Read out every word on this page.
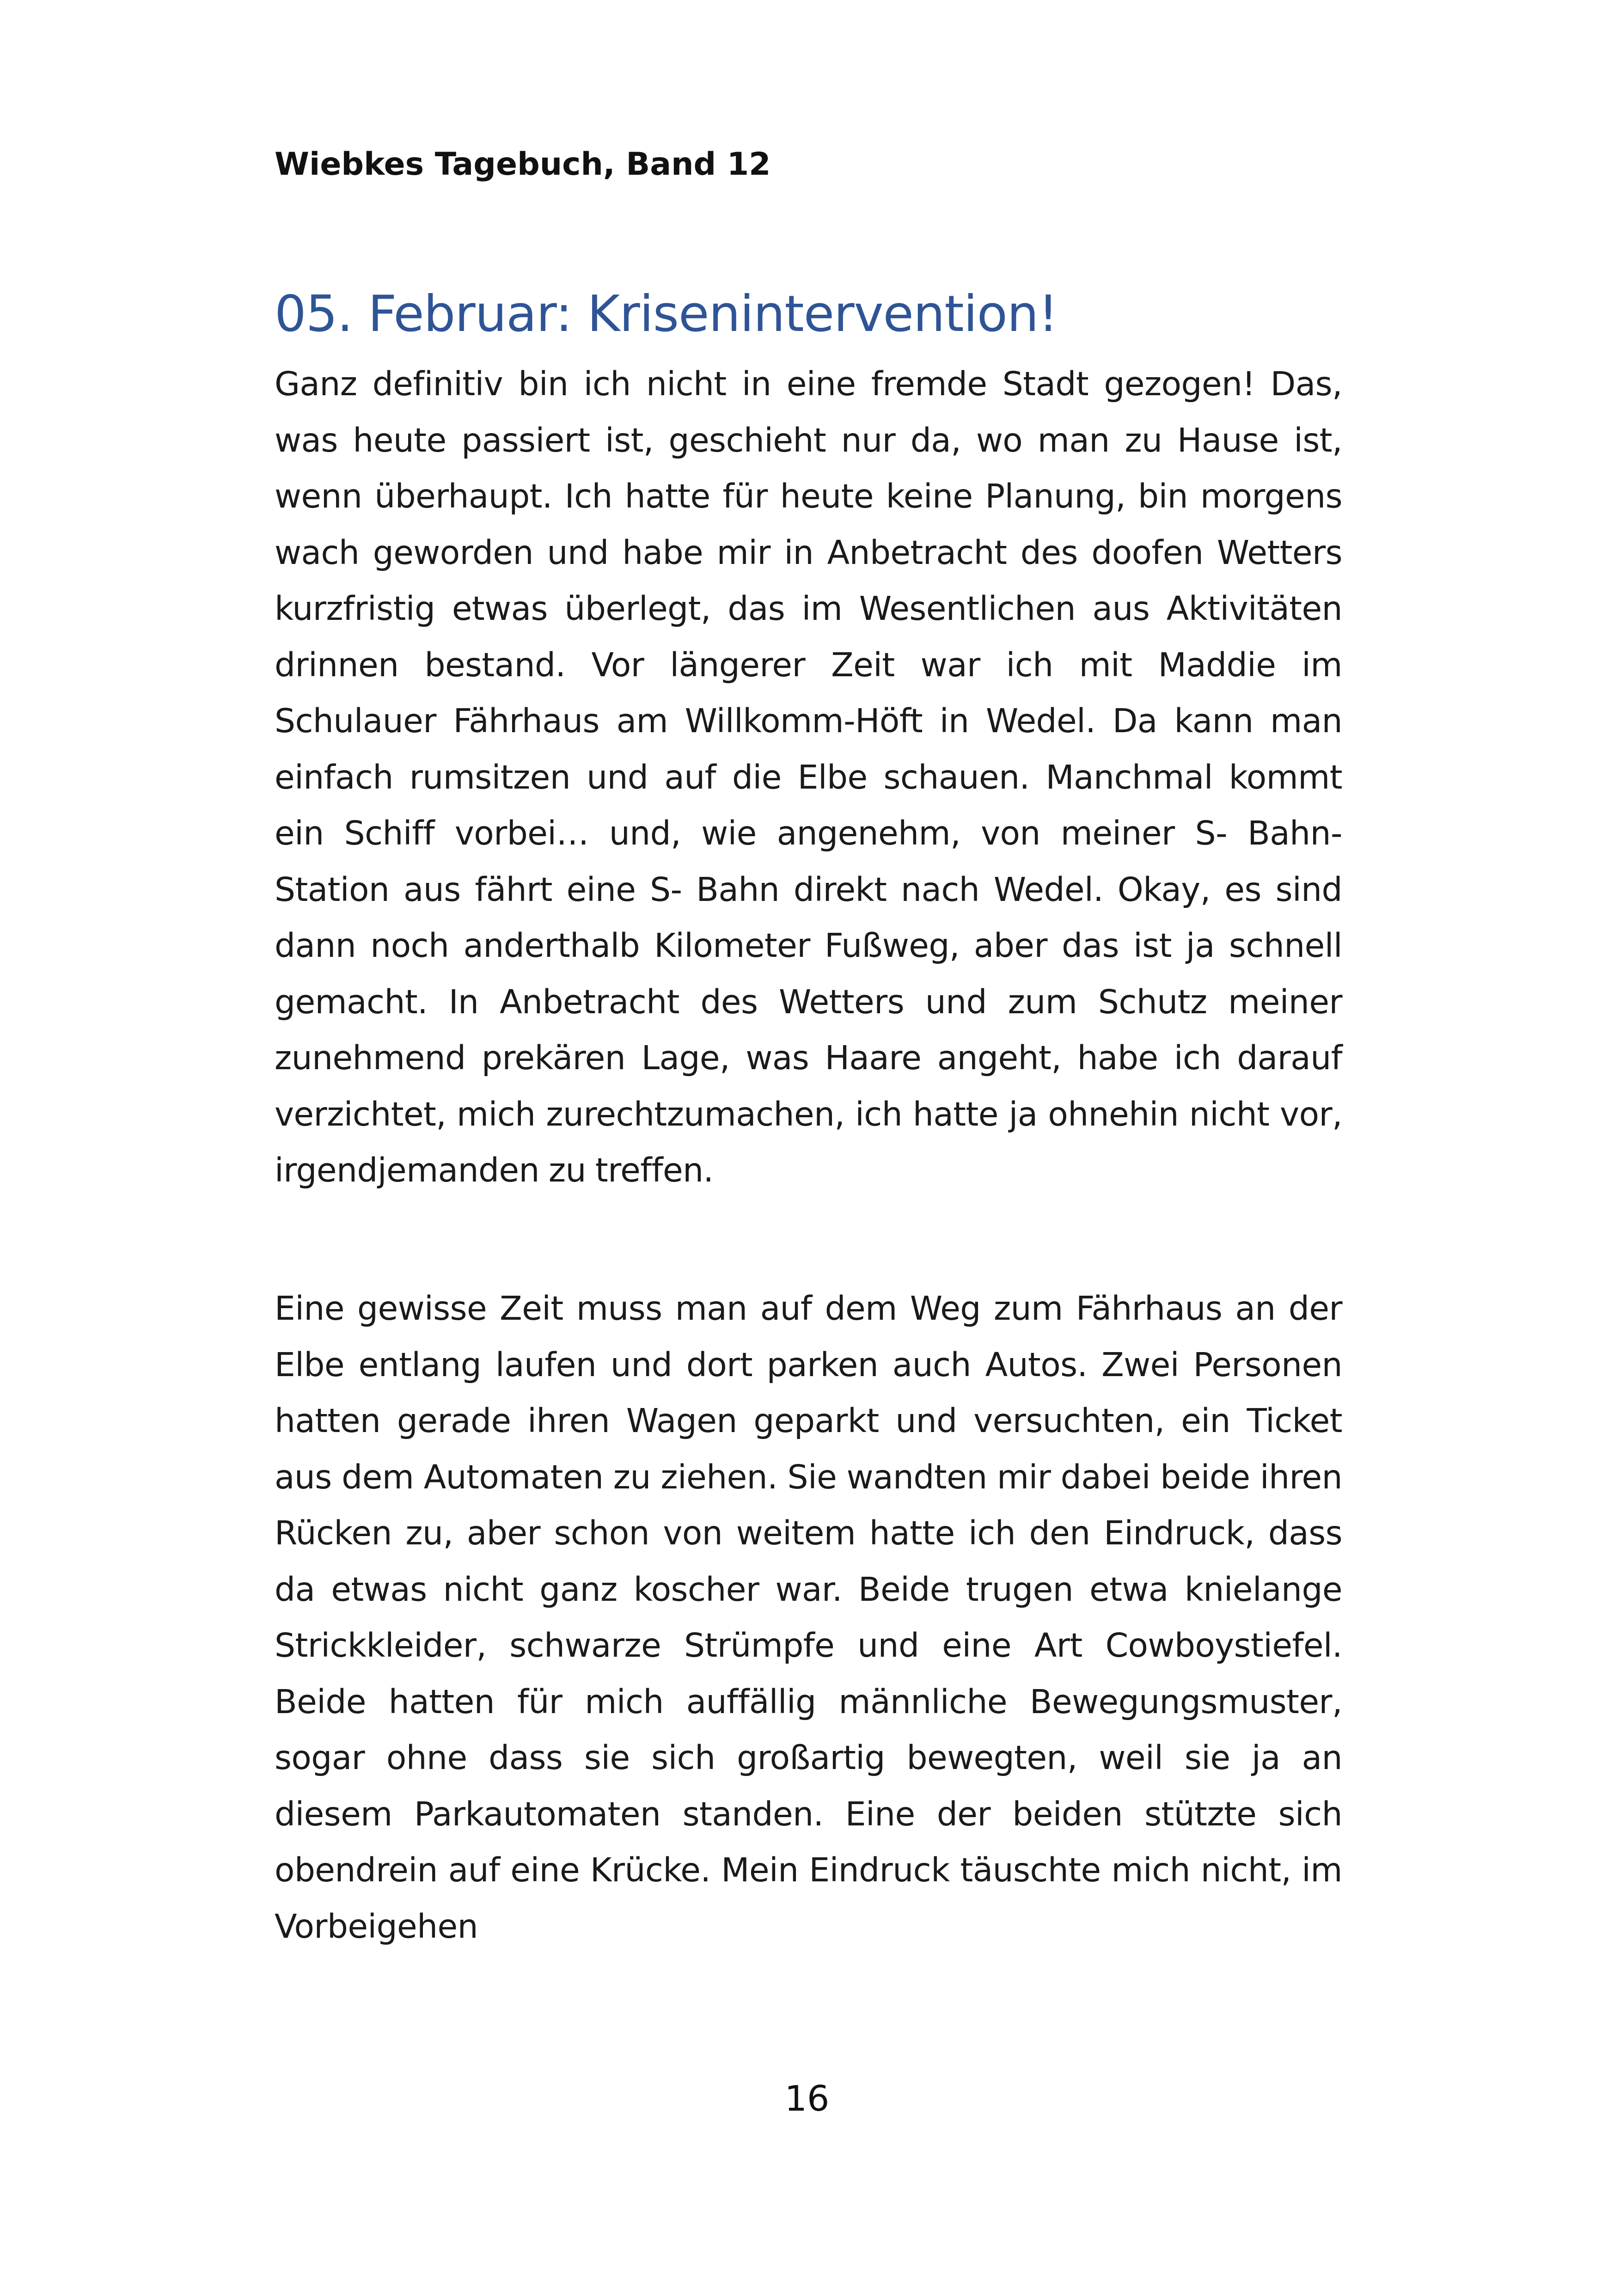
Wiebkes Tagebuch, Band 12
05. Februar: Krisenintervention!

Ganz definitiv bin ich nicht in eine fremde Stadt gezogen! Das, was heute passiert ist, geschieht nur da, wo man zu Hause ist, wenn überhaupt. Ich hatte für heute keine Planung, bin morgens wach geworden und habe mir in Anbetracht des doofen Wetters kurzfristig etwas überlegt, das im Wesentlichen aus Aktivitäten drinnen bestand. Vor längerer Zeit war ich mit Maddie im Schulauer Fährhaus am Willkomm-Höft in Wedel. Da kann man einfach rumsitzen und auf die Elbe schauen. Manchmal kommt ein Schiff vorbei… und, wie angenehm, von meiner S- Bahn- Station aus fährt eine S- Bahn direkt nach Wedel. Okay, es sind dann noch anderthalb Kilometer Fußweg, aber das ist ja schnell gemacht. In Anbetracht des Wetters und zum Schutz meiner zunehmend prekären Lage, was Haare angeht, habe ich darauf verzichtet, mich zurechtzumachen, ich hatte ja ohnehin nicht vor, irgendjemanden zu treffen.

Eine gewisse Zeit muss man auf dem Weg zum Fährhaus an der Elbe entlang laufen und dort parken auch Autos. Zwei Personen hatten gerade ihren Wagen geparkt und versuchten, ein Ticket aus dem Automaten zu ziehen. Sie wandten mir dabei beide ihren Rücken zu, aber schon von weitem hatte ich den Eindruck, dass da etwas nicht ganz koscher war. Beide trugen etwa knielange Strickkleider, schwarze Strümpfe und eine Art Cowboystiefel. Beide hatten für mich auffällig männliche Bewegungsmuster, sogar ohne dass sie sich großartig bewegten, weil sie ja an diesem Parkautomaten standen. Eine der beiden stützte sich obendrein auf eine Krücke. Mein Eindruck täuschte mich nicht, im Vorbeigehen

16
